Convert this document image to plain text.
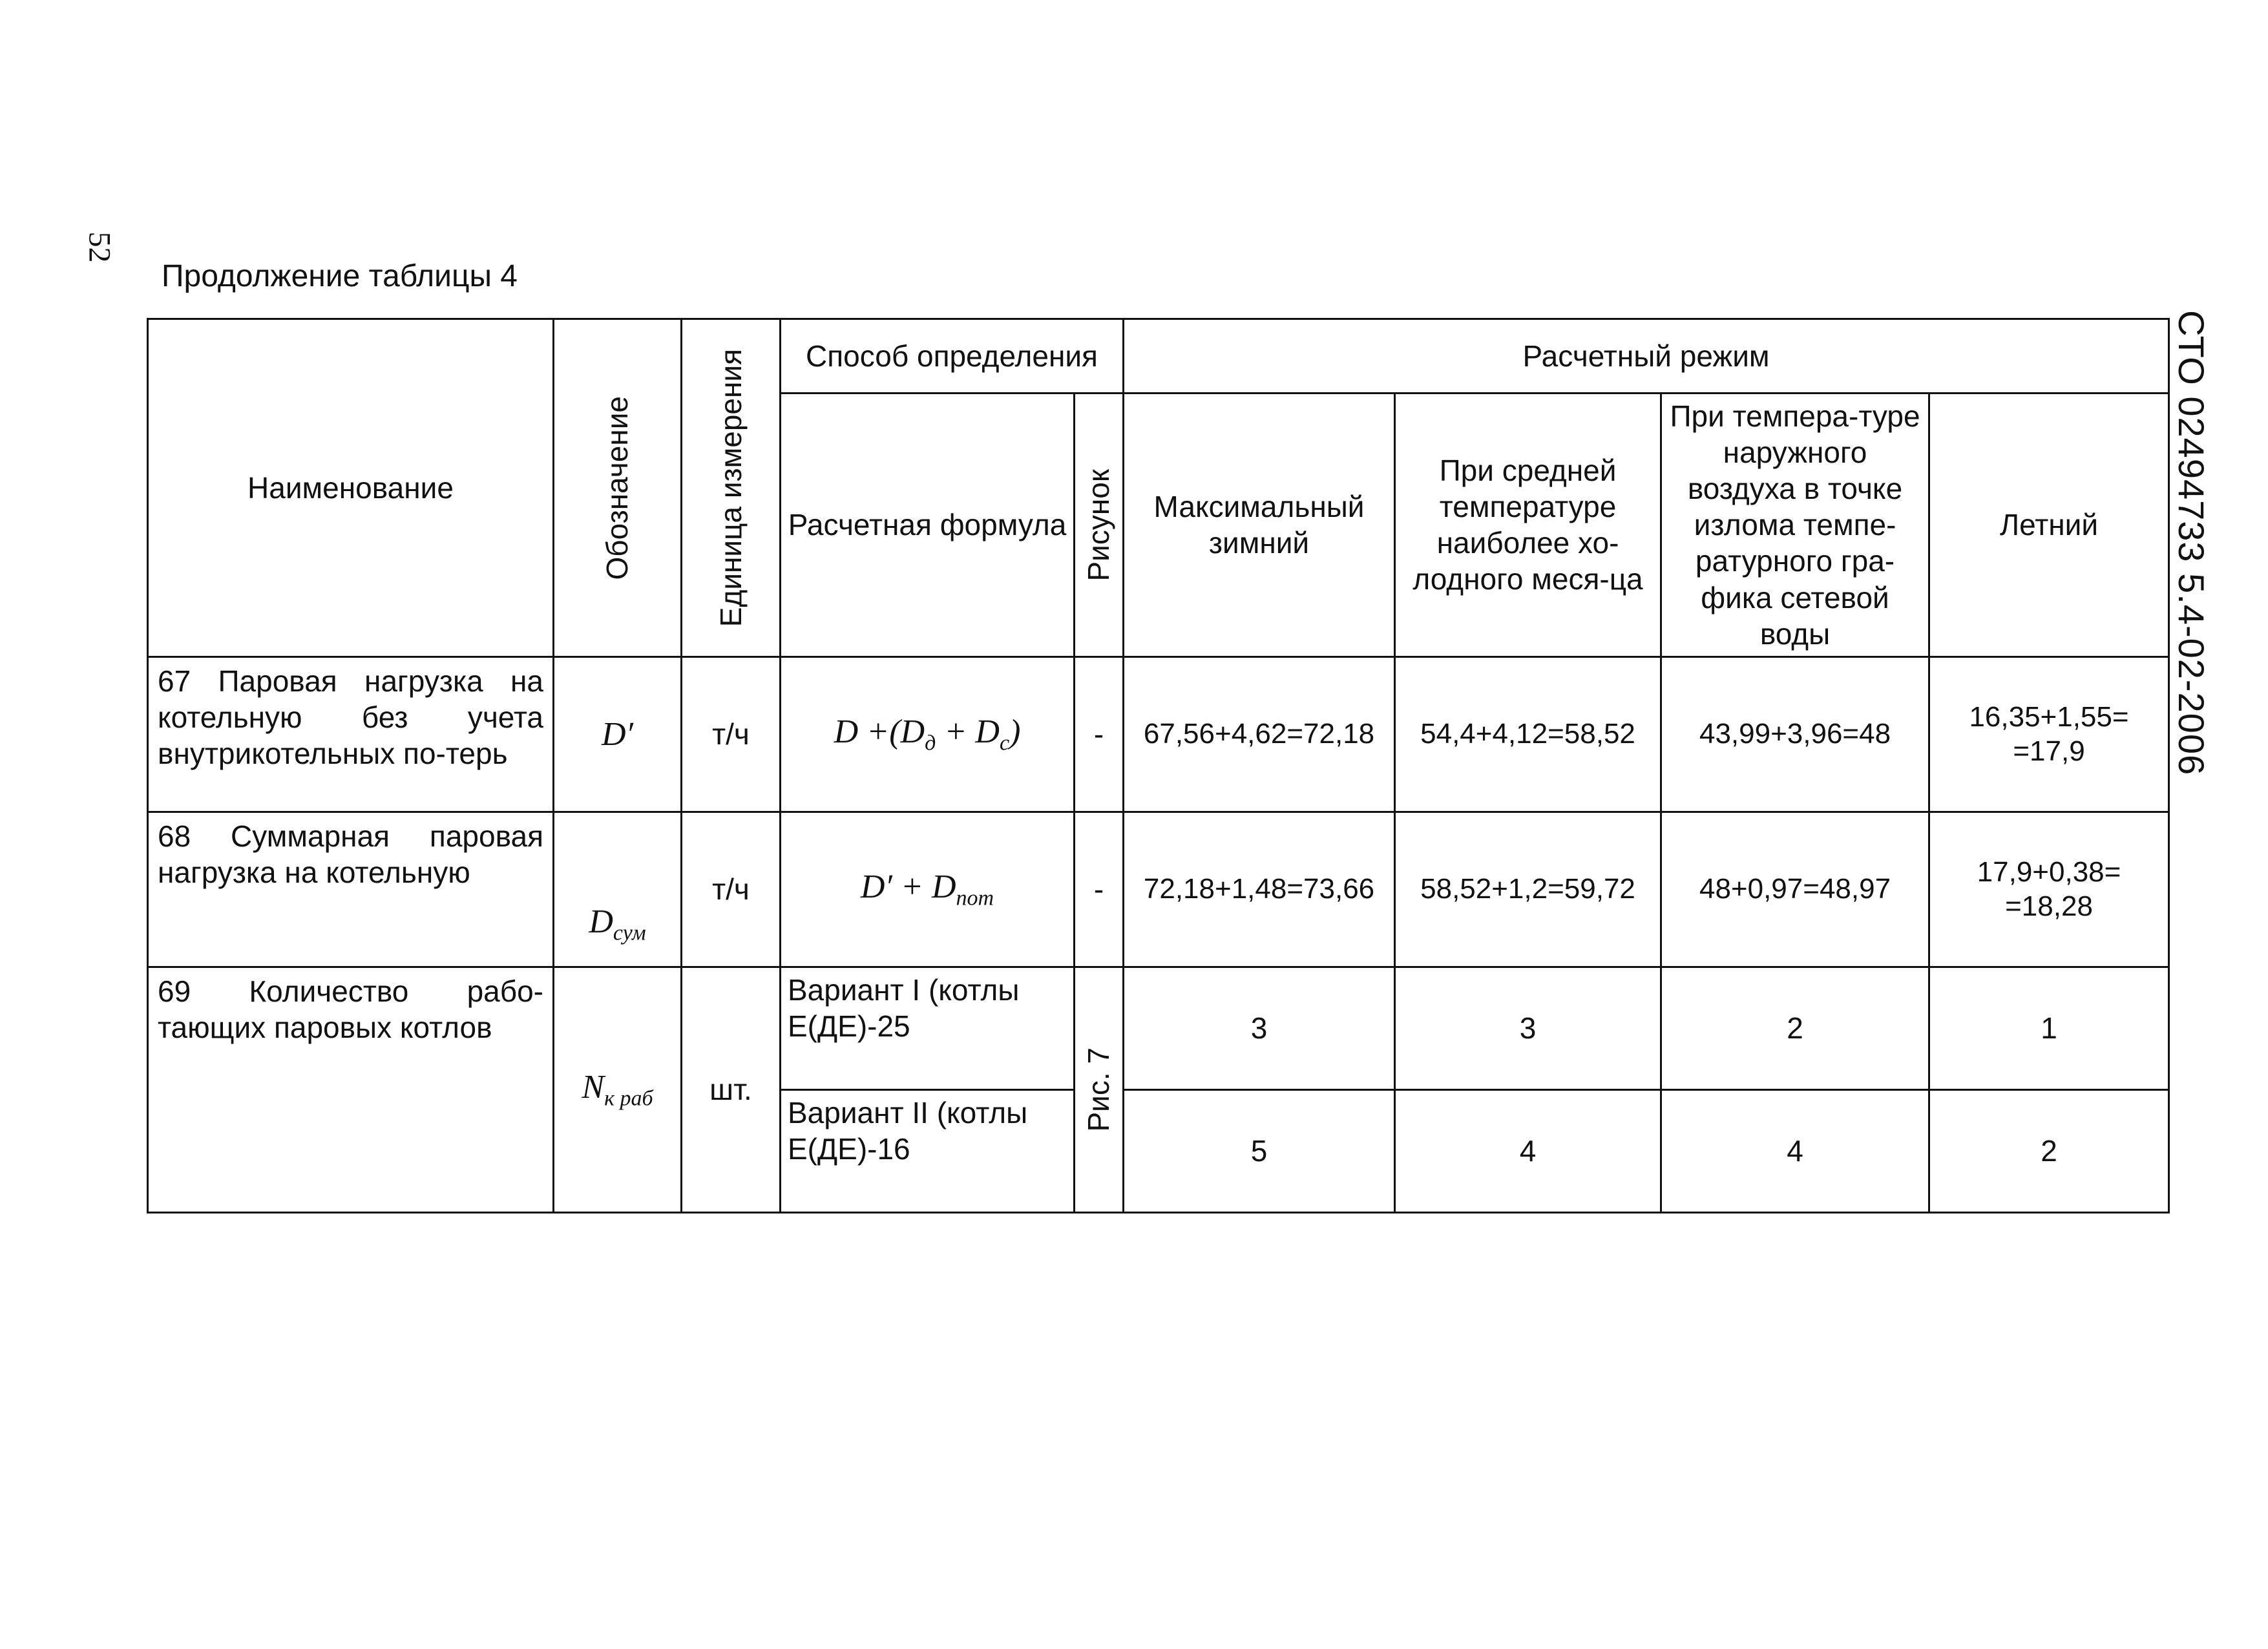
52
Продолжение таблицы 4
СТО 02494733 5.4-02-2006
Наименование	Обозначение	Единица измерения	Способ определения		Расчетный режим			
			Расчетная формула	Рисунок	Максимальный зимний	При средней температуре наиболее хо-лодного меся-ца	При темпера-туре наружного воздуха в точке излома темпе-ратурного гра-фика сетевой воды	Летний
67 Паровая нагрузка на котельную без учета внутрикотельных по-терь	D′	т/ч	$D +(D_д + D_с)$	-	67,56+4,62=72,18	54,4+4,12=58,52	43,99+3,96=48	16,35+1,55= =17,9
68 Суммарная паровая нагрузка на котельную	$D_{сум}$	т/ч	$D' + D_{пот}$	-	72,18+1,48=73,66	58,52+1,2=59,72	48+0,97=48,97	17,9+0,38= =18,28
69 Количество рабо-тающих паровых котлов	$N_{к раб}$	шт.	Вариант I (котлы Е(ДЕ)-25	Рис. 7	3	3	2	1
			Вариант II (котлы Е(ДЕ)-16		5	4	4	2
